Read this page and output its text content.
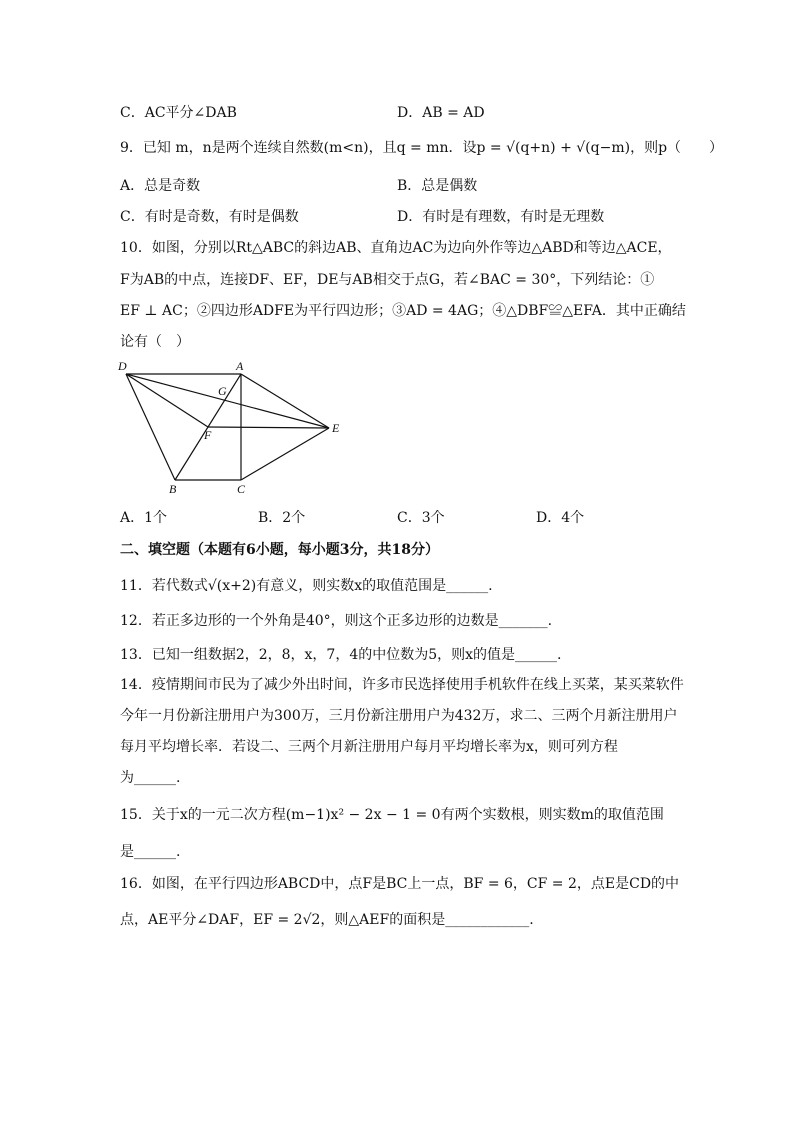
C．AC平分∠DAB	D．AB = AD
9．已知 m，n是两个连续自然数(m<n)，且q = mn．设p = √(q+n) + √(q−m)，则p（　　）
A．总是奇数	B．总是偶数
C．有时是奇数，有时是偶数	D．有时是有理数，有时是无理数
10．如图，分别以Rt△ABC的斜边AB、直角边AC为边向外作等边△ABD和等边△ACE，
F为AB的中点，连接DF、EF，DE与AB相交于点G，若∠BAC = 30°，下列结论：①
EF ⊥ AC；②四边形ADFE为平行四边形；③AD = 4AG；④△DBF≌△EFA．其中正确结
论有（　）
D	A
G
F	E
B	C
A．1个	B．2个	C．3个	D．4个
二、填空题（本题有6小题，每小题3分，共18分）
11．若代数式√(x+2)有意义，则实数x的取值范围是______.
12．若正多边形的一个外角是40°，则这个正多边形的边数是_______.
13．已知一组数据2，2，8，x，7，4的中位数为5，则x的值是______.
14．疫情期间市民为了减少外出时间，许多市民选择使用手机软件在线上买菜，某买菜软件
今年一月份新注册用户为300万，三月份新注册用户为432万，求二、三两个月新注册用户
每月平均增长率．若设二、三两个月新注册用户每月平均增长率为x，则可列方程
为______.
15．关于x的一元二次方程(m−1)x² − 2x − 1 = 0有两个实数根，则实数m的取值范围
是______.
16．如图，在平行四边形ABCD中，点F是BC上一点，BF = 6，CF = 2，点E是CD的中
点，AE平分∠DAF，EF = 2√2，则△AEF的面积是____________.
